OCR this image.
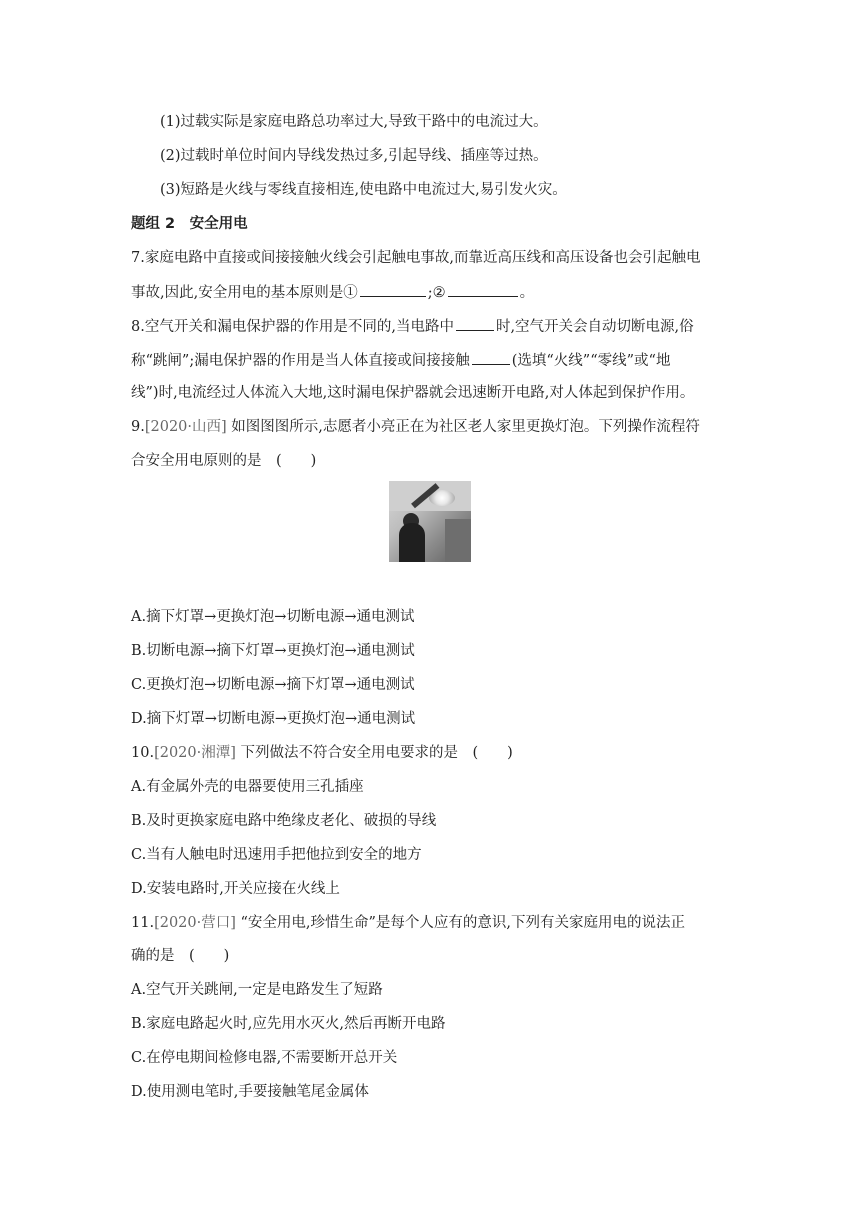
(1)过载实际是家庭电路总功率过大,导致干路中的电流过大。
(2)过载时单位时间内导线发热过多,引起导线、插座等过热。
(3)短路是火线与零线直接相连,使电路中电流过大,易引发火灾。
题组 2　安全用电
7.家庭电路中直接或间接接触火线会引起触电事故,而靠近高压线和高压设备也会引起触电
事故,因此,安全用电的基本原则是①	;②	。
8.空气开关和漏电保护器的作用是不同的,当电路中	时,空气开关会自动切断电源,俗
称“跳闸”;漏电保护器的作用是当人体直接或间接接触	(选填“火线”“零线”或“地
线”)时,电流经过人体流入大地,这时漏电保护器就会迅速断开电路,对人体起到保护作用。
9.[2020·山西] 如图图图所示,志愿者小亮正在为社区老人家里更换灯泡。下列操作流程符
合安全用电原则的是　(　　)
A.摘下灯罩→更换灯泡→切断电源→通电测试
B.切断电源→摘下灯罩→更换灯泡→通电测试
C.更换灯泡→切断电源→摘下灯罩→通电测试
D.摘下灯罩→切断电源→更换灯泡→通电测试
10.[2020·湘潭] 下列做法不符合安全用电要求的是　(　　)
A.有金属外壳的电器要使用三孔插座
B.及时更换家庭电路中绝缘皮老化、破损的导线
C.当有人触电时迅速用手把他拉到安全的地方
D.安装电路时,开关应接在火线上
11.[2020·营口] “安全用电,珍惜生命”是每个人应有的意识,下列有关家庭用电的说法正
确的是　(　　)
A.空气开关跳闸,一定是电路发生了短路
B.家庭电路起火时,应先用水灭火,然后再断开电路
C.在停电期间检修电器,不需要断开总开关
D.使用测电笔时,手要接触笔尾金属体
